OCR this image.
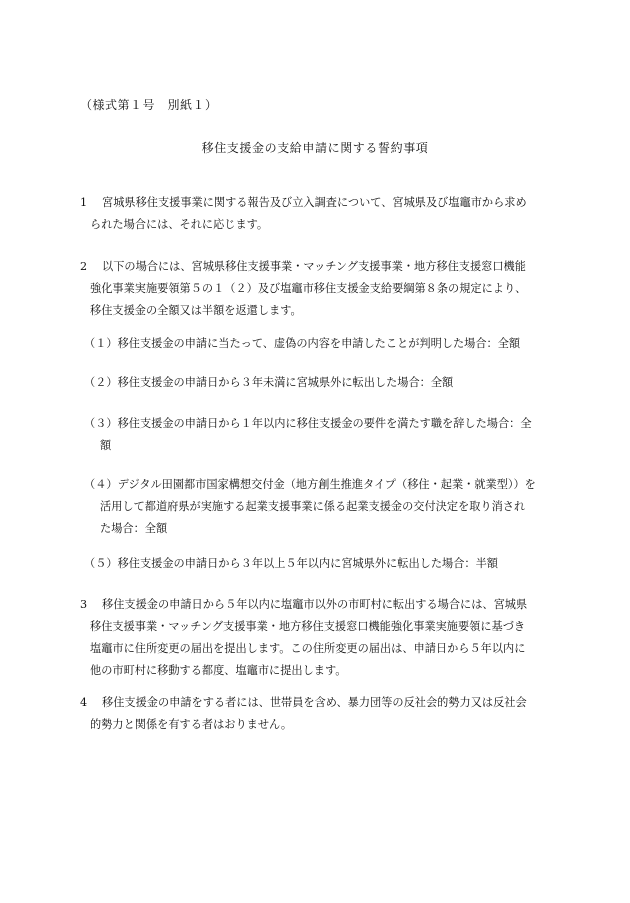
（様式第１号　別紙１）
移住支援金の支給申請に関する誓約事項
1	宮城県移住支援事業に関する報告及び立入調査について、宮城県及び塩竈市から求め
られた場合には、それに応じます。
2	以下の場合には、宮城県移住支援事業・マッチング支援事業・地方移住支援窓口機能
強化事業実施要領第５の１（２）及び塩竈市移住支援金支給要綱第８条の規定により、
移住支援金の全額又は半額を返還します。
（１）移住支援金の申請に当たって、虚偽の内容を申請したことが判明した場合：全額
（２）移住支援金の申請日から３年未満に宮城県外に転出した場合：全額
（３）移住支援金の申請日から１年以内に移住支援金の要件を満たす職を辞した場合：全
額
（４）デジタル田園都市国家構想交付金（地方創生推進タイプ（移住・起業・就業型））を
活用して都道府県が実施する起業支援事業に係る起業支援金の交付決定を取り消され
た場合：全額
（５）移住支援金の申請日から３年以上５年以内に宮城県外に転出した場合：半額
3	移住支援金の申請日から５年以内に塩竈市以外の市町村に転出する場合には、宮城県
移住支援事業・マッチング支援事業・地方移住支援窓口機能強化事業実施要領に基づき
塩竈市に住所変更の届出を提出します。この住所変更の届出は、申請日から５年以内に
他の市町村に移動する都度、塩竈市に提出します。
4	移住支援金の申請をする者には、世帯員を含め、暴力団等の反社会的勢力又は反社会
的勢力と関係を有する者はおりません。
